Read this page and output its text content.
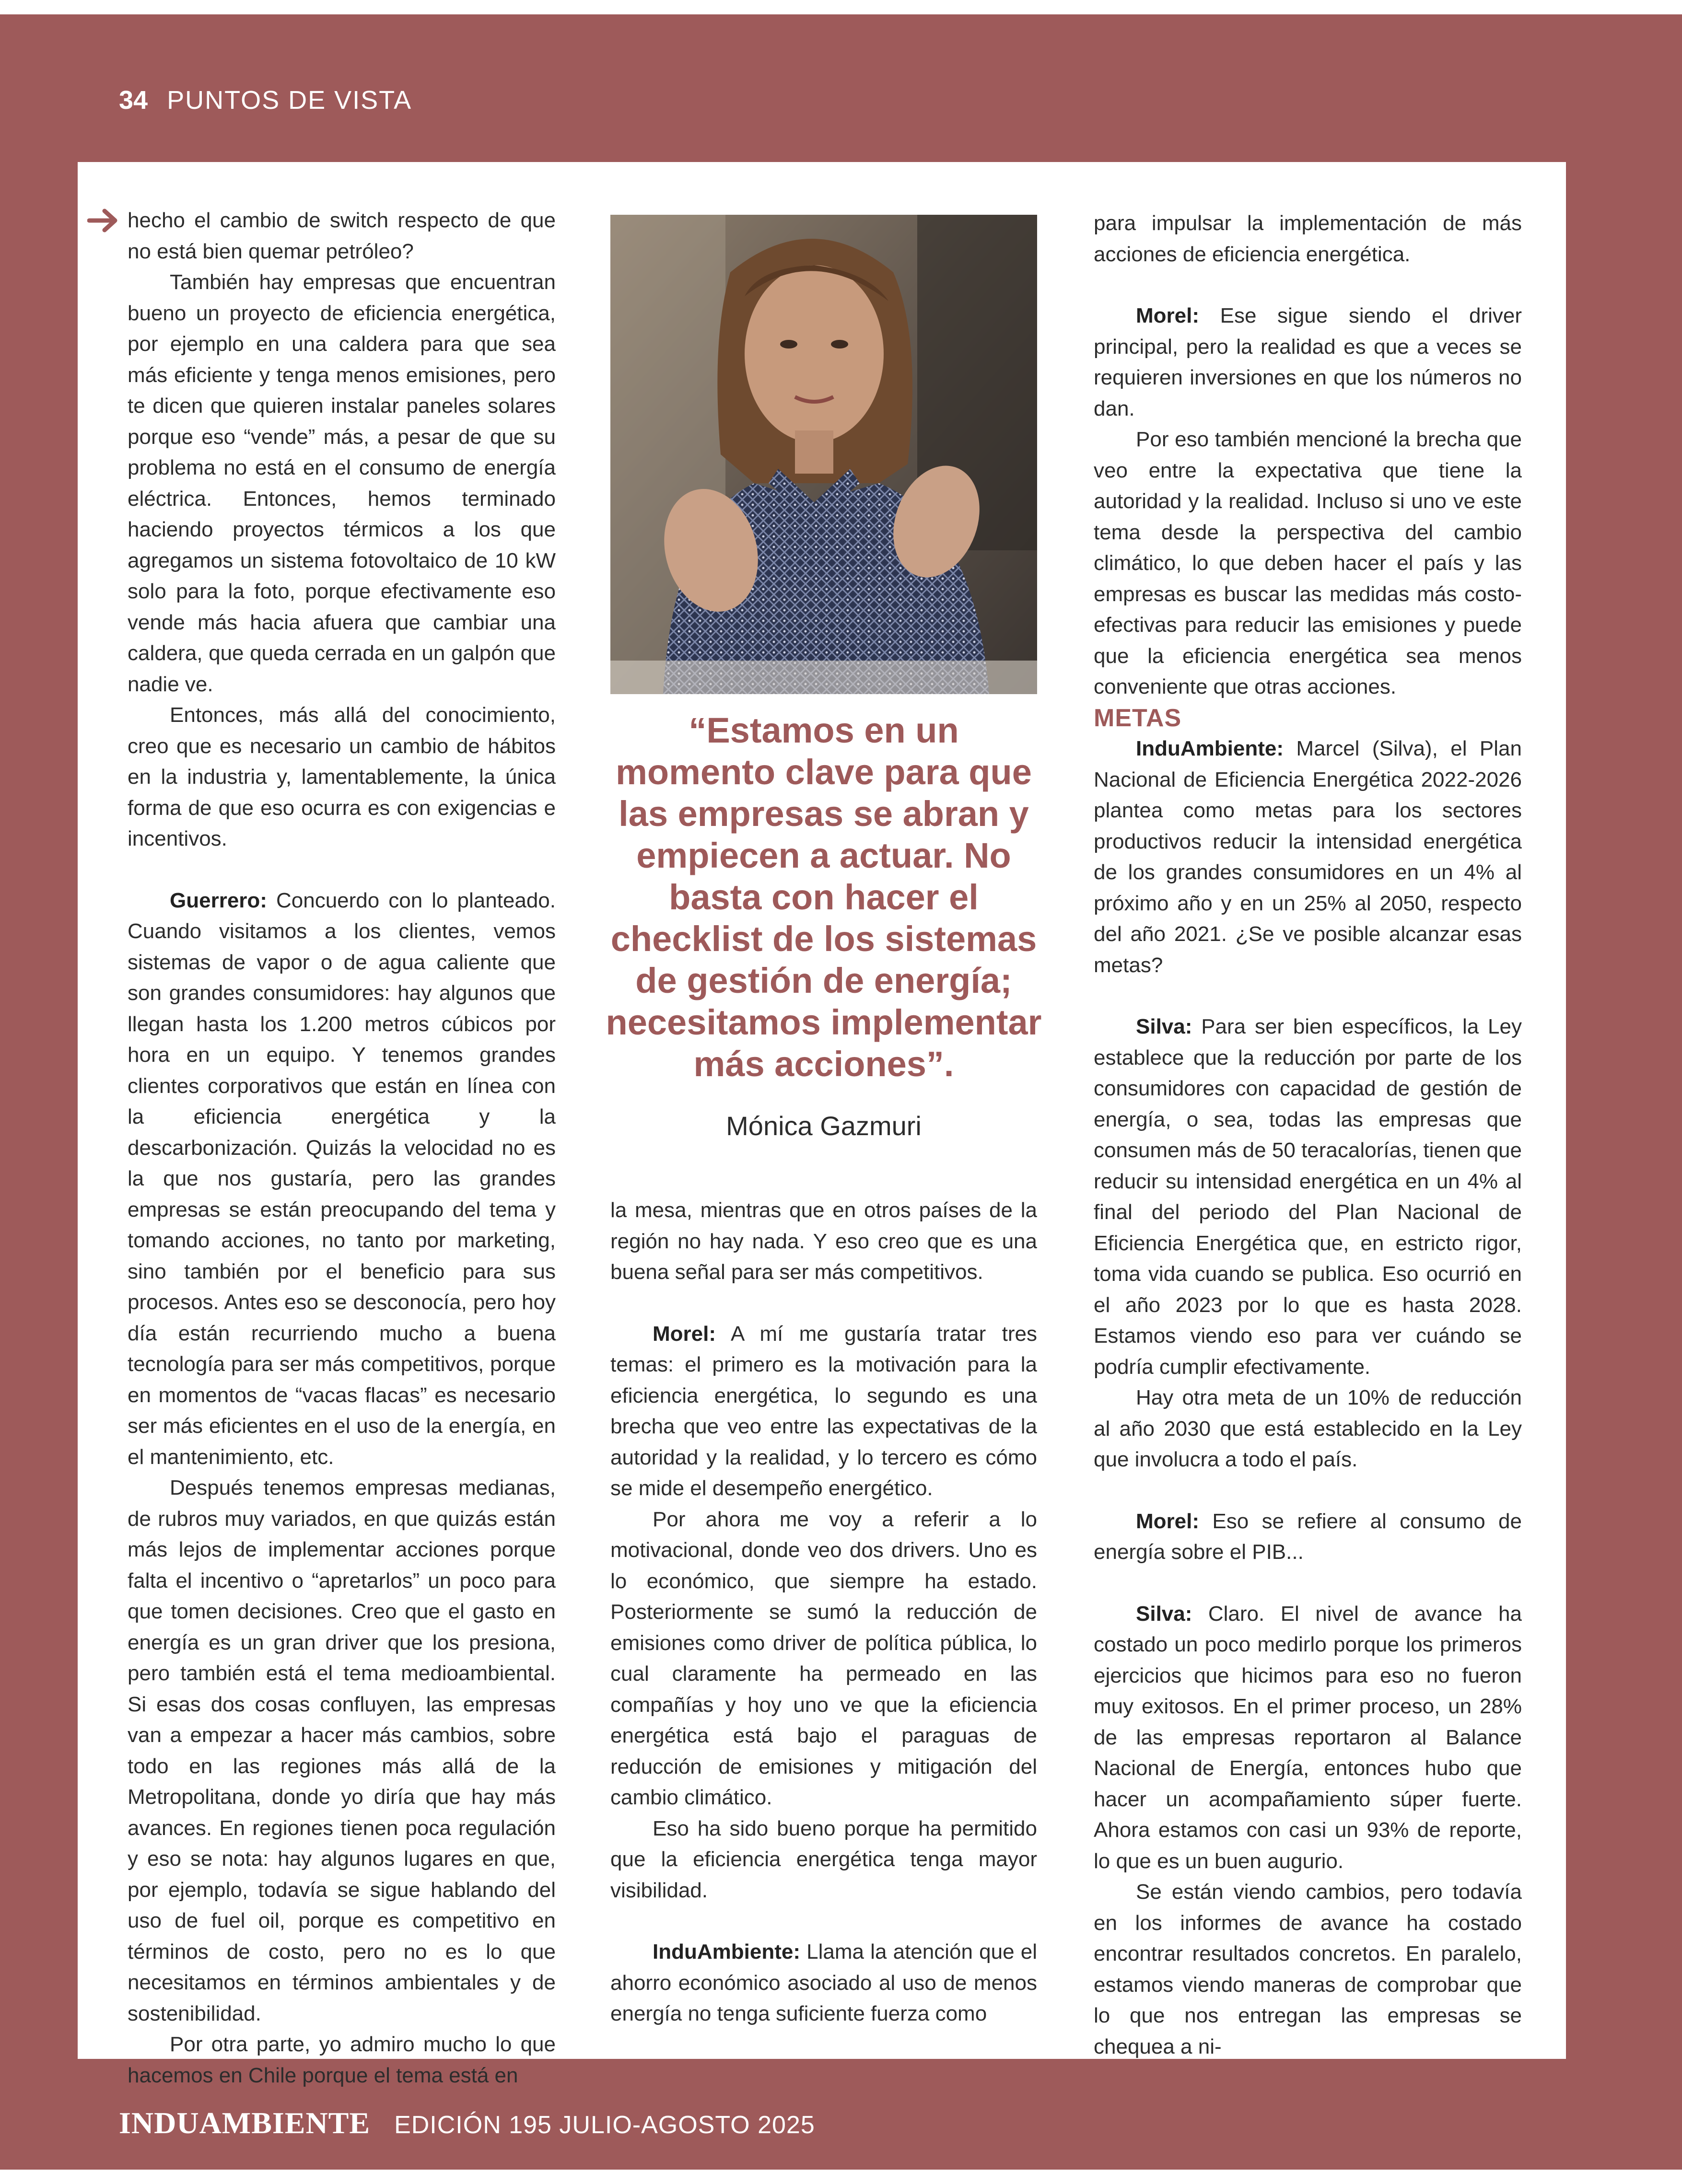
34 PUNTOS DE VISTA

hecho el cambio de switch respecto de que no está bien quemar petróleo?

También hay empresas que encuentran bueno un proyecto de eficiencia energética, por ejemplo en una caldera para que sea más eficiente y tenga menos emisiones, pero te dicen que quieren instalar paneles solares porque eso “vende” más, a pesar de que su problema no está en el consumo de energía eléctrica. Entonces, hemos terminado haciendo proyectos térmicos a los que agregamos un sistema fotovoltaico de 10 kW solo para la foto, porque efectivamente eso vende más hacia afuera que cambiar una caldera, que queda cerrada en un galpón que nadie ve.

Entonces, más allá del conocimiento, creo que es necesario un cambio de hábitos en la industria y, lamentablemente, la única forma de que eso ocurra es con exigencias e incentivos.

Guerrero: Concuerdo con lo planteado. Cuando visitamos a los clientes, vemos sistemas de vapor o de agua caliente que son grandes consumidores: hay algunos que llegan hasta los 1.200 metros cúbicos por hora en un equipo. Y tenemos grandes clientes corporativos que están en línea con la eficiencia energética y la descarbonización. Quizás la velocidad no es la que nos gustaría, pero las grandes empresas se están preocupando del tema y tomando acciones, no tanto por marketing, sino también por el beneficio para sus procesos. Antes eso se desconocía, pero hoy día están recurriendo mucho a buena tecnología para ser más competitivos, porque en momentos de “vacas flacas” es necesario ser más eficientes en el uso de la energía, en el mantenimiento, etc.

Después tenemos empresas medianas, de rubros muy variados, en que quizás están más lejos de implementar acciones porque falta el incentivo o “apretarlos” un poco para que tomen decisiones. Creo que el gasto en energía es un gran driver que los presiona, pero también está el tema medioambiental. Si esas dos cosas confluyen, las empresas van a empezar a hacer más cambios, sobre todo en las regiones más allá de la Metropolitana, donde yo diría que hay más avances. En regiones tienen poca regulación y eso se nota: hay algunos lugares en que, por ejemplo, todavía se sigue hablando del uso de fuel oil, porque es competitivo en términos de costo, pero no es lo que necesitamos en términos ambientales y de sostenibilidad.

Por otra parte, yo admiro mucho lo que hacemos en Chile porque el tema está en

“Estamos en un momento clave para que las empresas se abran y empiecen a actuar. No basta con hacer el checklist de los sistemas de gestión de energía; necesitamos implementar más acciones”.
Mónica Gazmuri

la mesa, mientras que en otros países de la región no hay nada. Y eso creo que es una buena señal para ser más competitivos.

Morel: A mí me gustaría tratar tres temas: el primero es la motivación para la eficiencia energética, lo segundo es una brecha que veo entre las expectativas de la autoridad y la realidad, y lo tercero es cómo se mide el desempeño energético.

Por ahora me voy a referir a lo motivacional, donde veo dos drivers. Uno es lo económico, que siempre ha estado. Posteriormente se sumó la reducción de emisiones como driver de política pública, lo cual claramente ha permeado en las compañías y hoy uno ve que la eficiencia energética está bajo el paraguas de reducción de emisiones y mitigación del cambio climático.

Eso ha sido bueno porque ha permitido que la eficiencia energética tenga mayor visibilidad.

InduAmbiente: Llama la atención que el ahorro económico asociado al uso de menos energía no tenga suficiente fuerza como

para impulsar la implementación de más acciones de eficiencia energética.

Morel: Ese sigue siendo el driver principal, pero la realidad es que a veces se requieren inversiones en que los números no dan.

Por eso también mencioné la brecha que veo entre la expectativa que tiene la autoridad y la realidad. Incluso si uno ve este tema desde la perspectiva del cambio climático, lo que deben hacer el país y las empresas es buscar las medidas más costo-efectivas para reducir las emisiones y puede que la eficiencia energética sea menos conveniente que otras acciones.

METAS

InduAmbiente: Marcel (Silva), el Plan Nacional de Eficiencia Energética 2022-2026 plantea como metas para los sectores productivos reducir la intensidad energética de los grandes consumidores en un 4% al próximo año y en un 25% al 2050, respecto del año 2021. ¿Se ve posible alcanzar esas metas?

Silva: Para ser bien específicos, la Ley establece que la reducción por parte de los consumidores con capacidad de gestión de energía, o sea, todas las empresas que consumen más de 50 teracalorías, tienen que reducir su intensidad energética en un 4% al final del periodo del Plan Nacional de Eficiencia Energética que, en estricto rigor, toma vida cuando se publica. Eso ocurrió en el año 2023 por lo que es hasta 2028. Estamos viendo eso para ver cuándo se podría cumplir efectivamente.

Hay otra meta de un 10% de reducción al año 2030 que está establecido en la Ley que involucra a todo el país.

Morel: Eso se refiere al consumo de energía sobre el PIB...

Silva: Claro. El nivel de avance ha costado un poco medirlo porque los primeros ejercicios que hicimos para eso no fueron muy exitosos. En el primer proceso, un 28% de las empresas reportaron al Balance Nacional de Energía, entonces hubo que hacer un acompañamiento súper fuerte. Ahora estamos con casi un 93% de reporte, lo que es un buen augurio.

Se están viendo cambios, pero todavía en los informes de avance ha costado encontrar resultados concretos. En paralelo, estamos viendo maneras de comprobar que lo que nos entregan las empresas se chequea a ni-

INDUAMBIENTE EDICIÓN 195 JULIO-AGOSTO 2025
